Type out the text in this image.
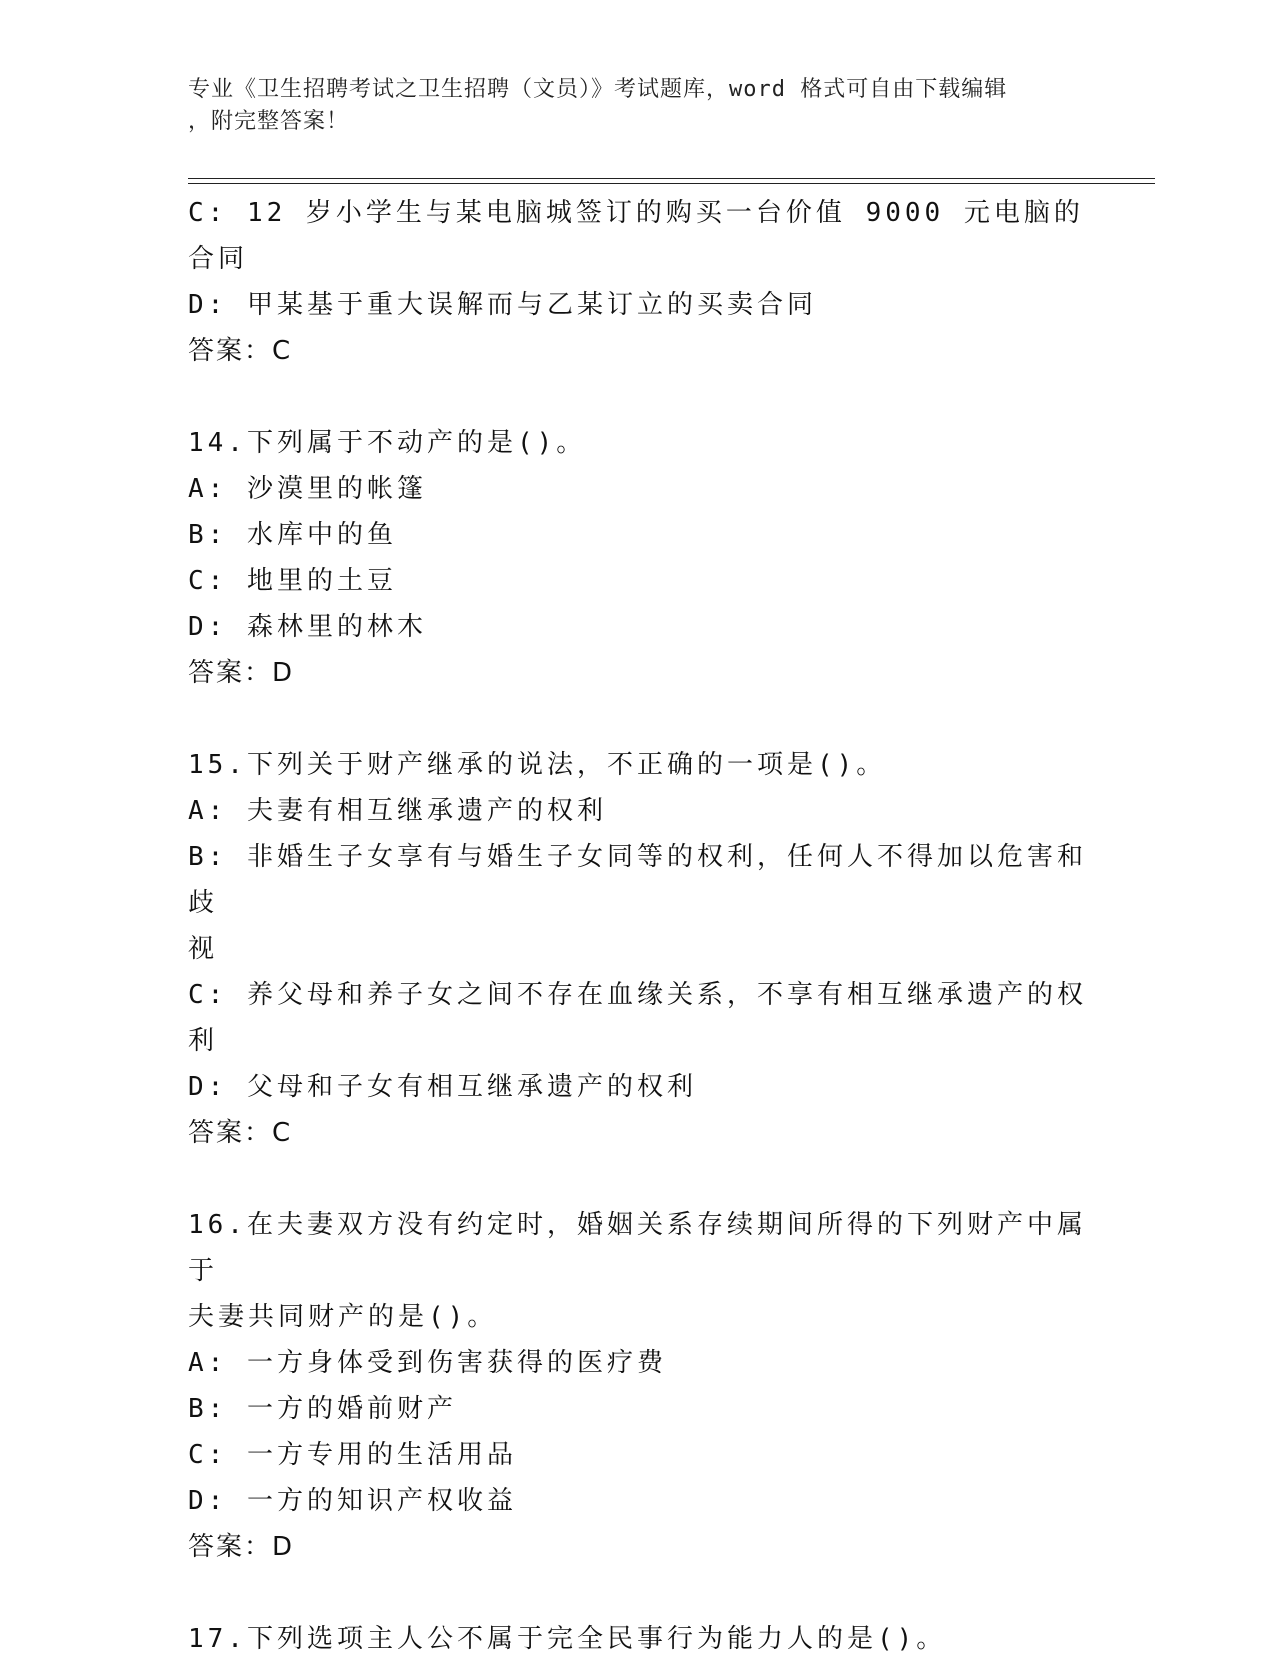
专业《卫生招聘考试之卫生招聘（文员）》考试题库，word 格式可自由下载编辑
，附完整答案！

C: 12 岁小学生与某电脑城签订的购买一台价值 9000 元电脑的合同

D: 甲某基于重大误解而与乙某订立的买卖合同

答案：C

14.下列属于不动产的是()。

A: 沙漠里的帐篷

B: 水库中的鱼

C: 地里的土豆

D: 森林里的林木

答案：D

15.下列关于财产继承的说法，不正确的一项是()。

A: 夫妻有相互继承遗产的权利

B: 非婚生子女享有与婚生子女同等的权利，任何人不得加以危害和歧

视

C: 养父母和养子女之间不存在血缘关系，不享有相互继承遗产的权利

D: 父母和子女有相互继承遗产的权利

答案：C

16.在夫妻双方没有约定时，婚姻关系存续期间所得的下列财产中属于

夫妻共同财产的是()。

A: 一方身体受到伤害获得的医疗费

B: 一方的婚前财产

C: 一方专用的生活用品

D: 一方的知识产权收益

答案：D

17.下列选项主人公不属于完全民事行为能力人的是()。
